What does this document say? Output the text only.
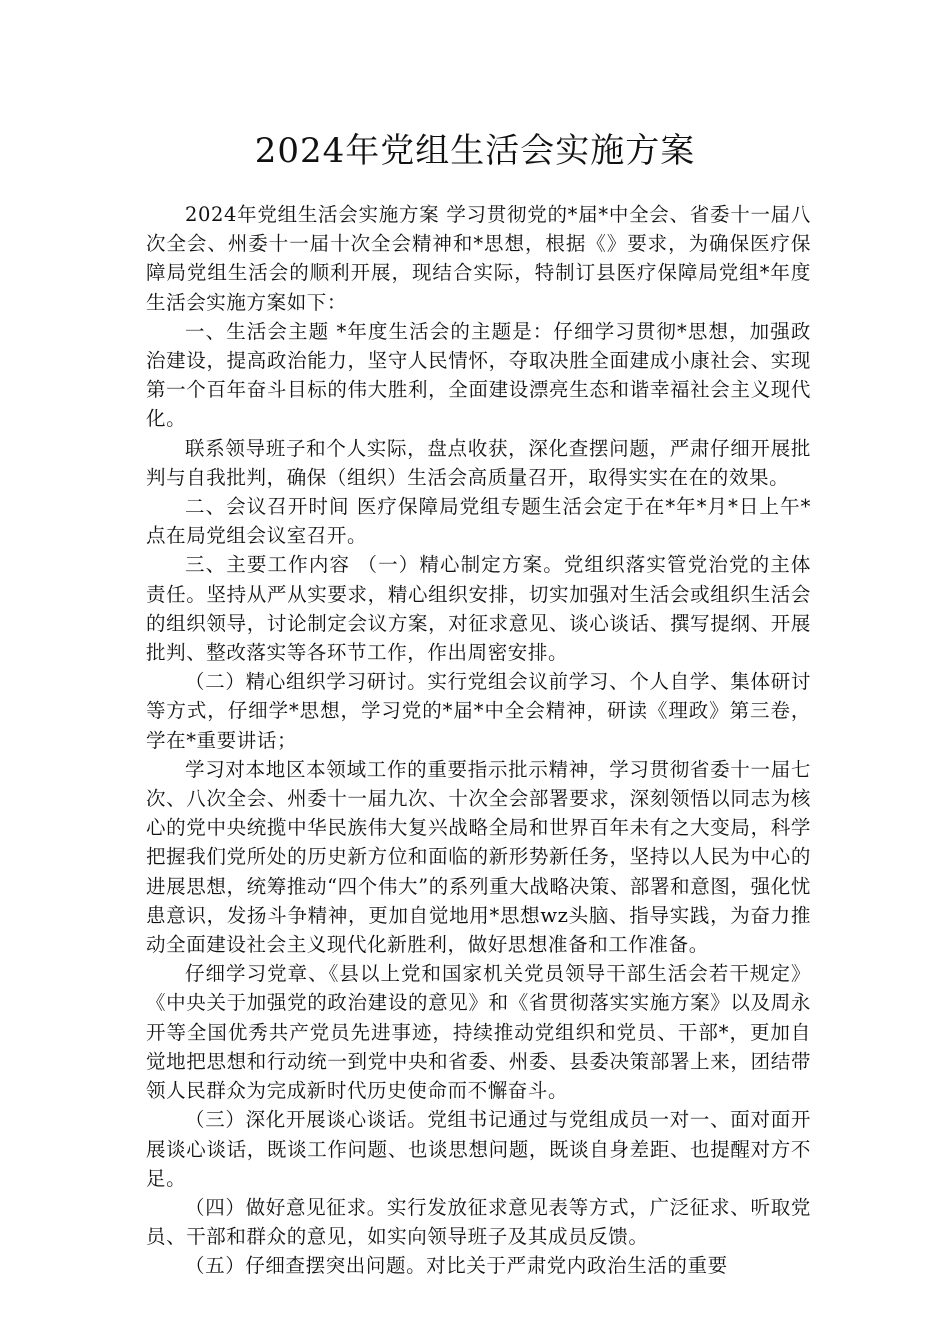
2024年党组生活会实施方案

2024年党组生活会实施方案 学习贯彻党的*届*中全会、省委十一届八次全会、州委十一届十次全会精神和*思想，根据《》要求，为确保医疗保障局党组生活会的顺利开展，现结合实际，特制订县医疗保障局党组*年度生活会实施方案如下：

一、生活会主题 *年度生活会的主题是：仔细学习贯彻*思想，加强政治建设，提高政治能力，坚守人民情怀，夺取决胜全面建成小康社会、实现第一个百年奋斗目标的伟大胜利，全面建设漂亮生态和谐幸福社会主义现代化。

联系领导班子和个人实际，盘点收获，深化查摆问题，严肃仔细开展批判与自我批判，确保（组织）生活会高质量召开，取得实实在在的效果。

二、会议召开时间 医疗保障局党组专题生活会定于在*年*月*日上午*点在局党组会议室召开。

三、主要工作内容 （一）精心制定方案。党组织落实管党治党的主体责任。坚持从严从实要求，精心组织安排，切实加强对生活会或组织生活会的组织领导，讨论制定会议方案，对征求意见、谈心谈话、撰写提纲、开展批判、整改落实等各环节工作，作出周密安排。

（二）精心组织学习研讨。实行党组会议前学习、个人自学、集体研讨等方式，仔细学*思想，学习党的*届*中全会精神，研读《理政》第三卷，学在*重要讲话；

学习对本地区本领域工作的重要指示批示精神，学习贯彻省委十一届七次、八次全会、州委十一届九次、十次全会部署要求，深刻领悟以同志为核心的党中央统揽中华民族伟大复兴战略全局和世界百年未有之大变局，科学把握我们党所处的历史新方位和面临的新形势新任务，坚持以人民为中心的进展思想，统筹推动“四个伟大”的系列重大战略决策、部署和意图，强化忧患意识，发扬斗争精神，更加自觉地用*思想wz头脑、指导实践，为奋力推动全面建设社会主义现代化新胜利，做好思想准备和工作准备。

仔细学习党章、《县以上党和国家机关党员领导干部生活会若干规定》《中央关于加强党的政治建设的意见》和《省贯彻落实实施方案》以及周永开等全国优秀共产党员先进事迹，持续推动党组织和党员、干部*，更加自觉地把思想和行动统一到党中央和省委、州委、县委决策部署上来，团结带领人民群众为完成新时代历史使命而不懈奋斗。

（三）深化开展谈心谈话。党组书记通过与党组成员一对一、面对面开展谈心谈话，既谈工作问题、也谈思想问题，既谈自身差距、也提醒对方不足。

（四）做好意见征求。实行发放征求意见表等方式，广泛征求、听取党员、干部和群众的意见，如实向领导班子及其成员反馈。

（五）仔细查摆突出问题。对比关于严肃党内政治生活的重要
